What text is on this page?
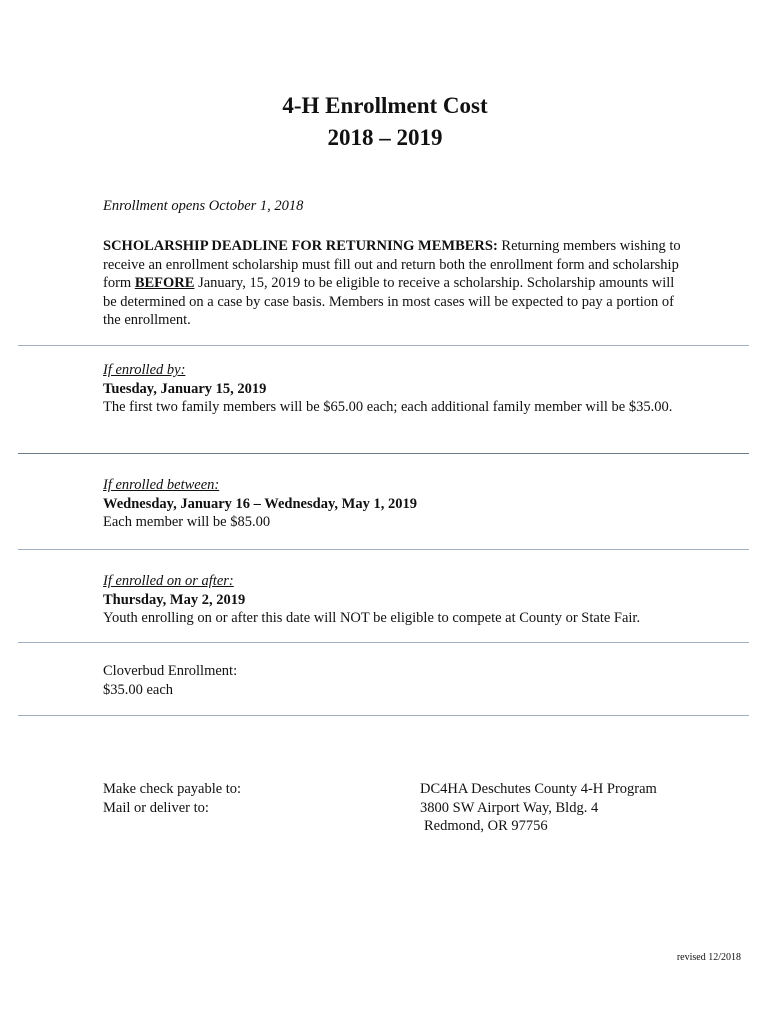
4-H Enrollment Cost
2018 – 2019
Enrollment opens October 1, 2018
SCHOLARSHIP DEADLINE FOR RETURNING MEMBERS: Returning members wishing to receive an enrollment scholarship must fill out and return both the enrollment form and scholarship form BEFORE January, 15, 2019 to be eligible to receive a scholarship. Scholarship amounts will be determined on a case by case basis. Members in most cases will be expected to pay a portion of the enrollment.
If enrolled by:
Tuesday, January 15, 2019
The first two family members will be $65.00 each; each additional family member will be $35.00.
If enrolled between:
Wednesday, January 16 – Wednesday, May 1, 2019
Each member will be $85.00
If enrolled on or after:
Thursday, May 2, 2019
Youth enrolling on or after this date will NOT be eligible to compete at County or State Fair.
Cloverbud Enrollment:
$35.00 each
Make check payable to:
Mail or deliver to:
DC4HA Deschutes County 4-H Program
3800 SW Airport Way, Bldg. 4
Redmond, OR 97756
revised 12/2018
